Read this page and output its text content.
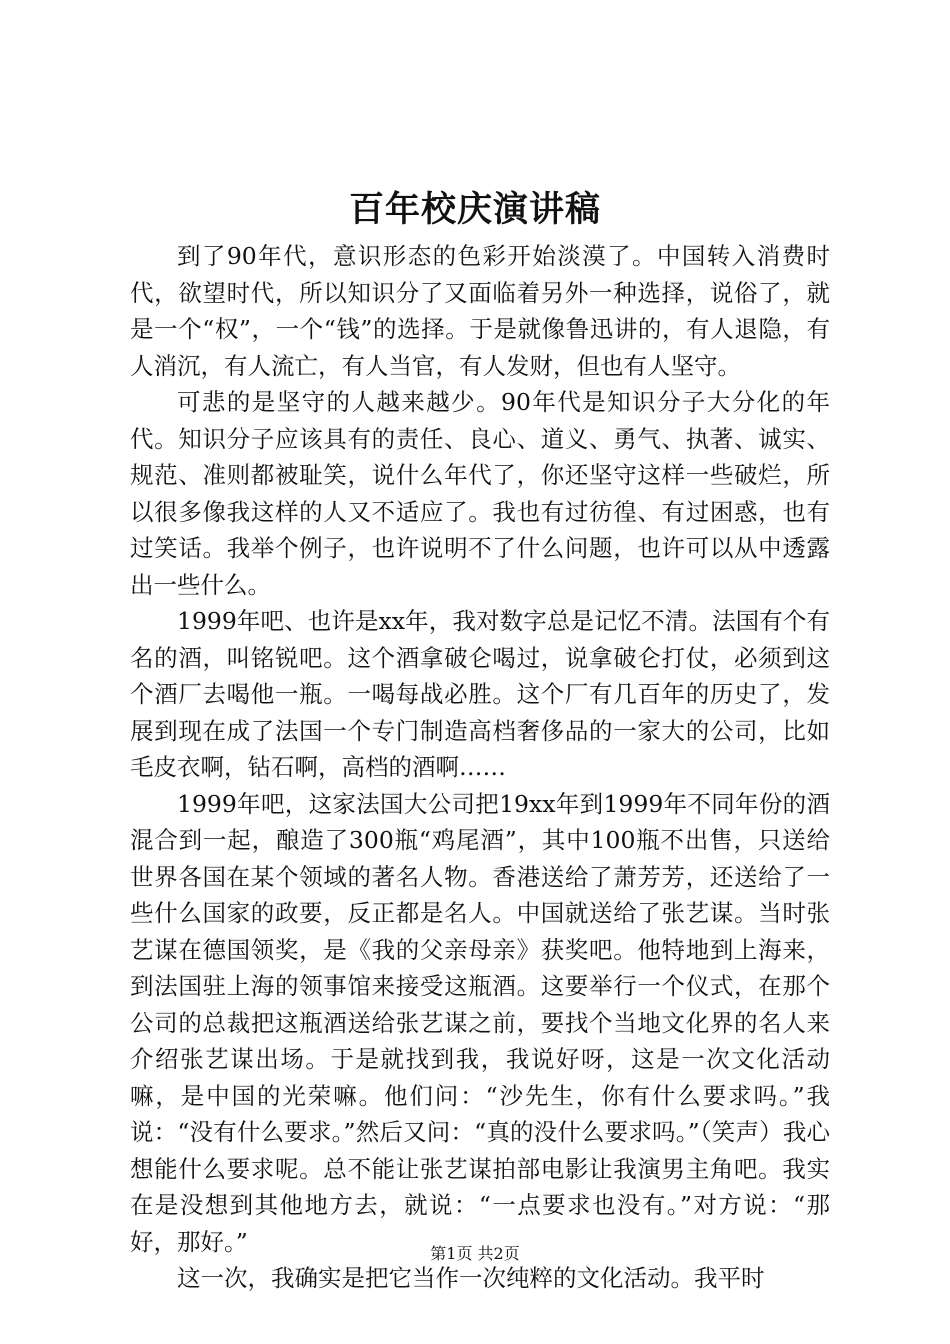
百年校庆演讲稿

到了90年代，意识形态的色彩开始淡漠了。中国转入消费时代，欲望时代，所以知识分了又面临着另外一种选择，说俗了，就是一个“权”，一个“钱”的选择。于是就像鲁迅讲的，有人退隐，有人消沉，有人流亡，有人当官，有人发财，但也有人坚守。

可悲的是坚守的人越来越少。90年代是知识分子大分化的年代。知识分子应该具有的责任、良心、道义、勇气、执著、诚实、规范、准则都被耻笑，说什么年代了，你还坚守这样一些破烂，所以很多像我这样的人又不适应了。我也有过彷徨、有过困惑，也有过笑话。我举个例子，也许说明不了什么问题，也许可以从中透露出一些什么。

1999年吧、也许是xx年，我对数字总是记忆不清。法国有个有名的酒，叫铭锐吧。这个酒拿破仑喝过，说拿破仑打仗，必须到这个酒厂去喝他一瓶。一喝每战必胜。这个厂有几百年的历史了，发展到现在成了法国一个专门制造高档奢侈品的一家大的公司，比如毛皮衣啊，钻石啊，高档的酒啊……

1999年吧，这家法国大公司把19xx年到1999年不同年份的酒混合到一起，酿造了300瓶“鸡尾酒”，其中100瓶不出售，只送给世界各国在某个领域的著名人物。香港送给了萧芳芳，还送给了一些什么国家的政要，反正都是名人。中国就送给了张艺谋。当时张艺谋在德国领奖，是《我的父亲母亲》获奖吧。他特地到上海来，到法国驻上海的领事馆来接受这瓶酒。这要举行一个仪式，在那个公司的总裁把这瓶酒送给张艺谋之前，要找个当地文化界的名人来介绍张艺谋出场。于是就找到我，我说好呀，这是一次文化活动嘛，是中国的光荣嘛。他们问：“沙先生，你有什么要求吗。”我说：“没有什么要求。”然后又问：“真的没什么要求吗。”（笑声）我心想能什么要求呢。总不能让张艺谋拍部电影让我演男主角吧。我实在是没想到其他地方去，就说：“一点要求也没有。”对方说：“那好，那好。”

这一次，我确实是把它当作一次纯粹的文化活动。我平时

第1页 共2页
